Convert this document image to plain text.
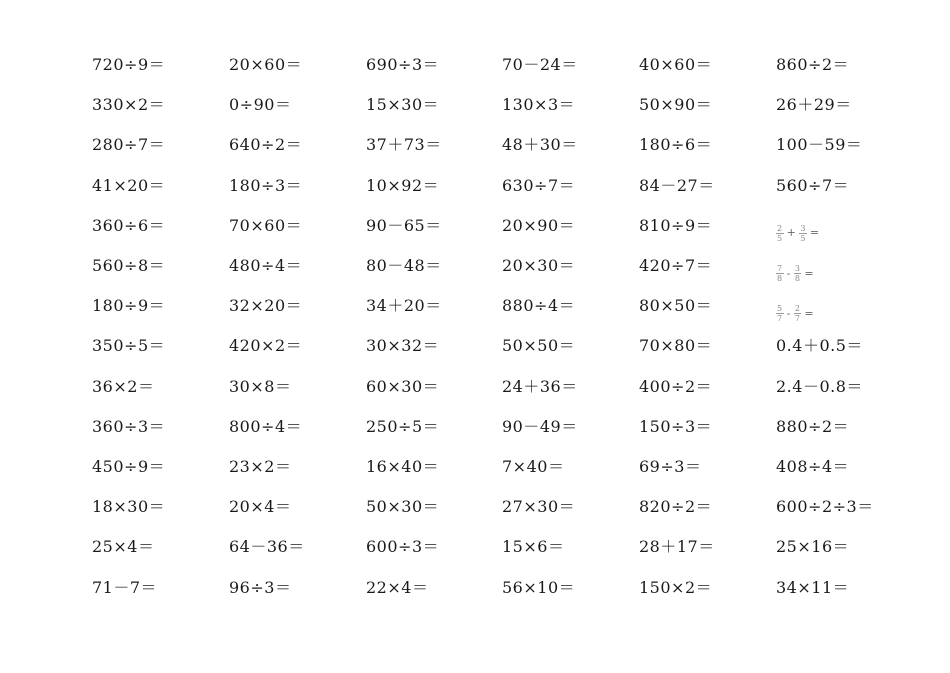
720÷9＝	20×60＝	690÷3＝	70－24＝	40×60＝	860÷2＝
330×2＝	0÷90＝	15×30＝	130×3＝	50×90＝	26＋29＝
280÷7＝	640÷2＝	37＋73＝	48＋30＝	180÷6＝	100－59＝
41×20＝	180÷3＝	10×92＝	630÷7＝	84－27＝	560÷7＝
360÷6＝	70×60＝	90－65＝	20×90＝	810÷9＝	$\frac{2}{5} + \frac{3}{5}$ =
560÷8＝	480÷4＝	80－48＝	20×30＝	420÷7＝	$\frac{7}{8} - \frac{3}{8}$ =
180÷9＝	32×20＝	34＋20＝	880÷4＝	80×50＝	$\frac{5}{7} - \frac{2}{7}$ =
350÷5＝	420×2＝	30×32＝	50×50＝	70×80＝	0.4＋0.5＝
36×2＝	30×8＝	60×30＝	24＋36＝	400÷2＝	2.4－0.8＝
360÷3＝	800÷4＝	250÷5＝	90－49＝	150÷3＝	880÷2＝
450÷9＝	23×2＝	16×40＝	7×40＝	69÷3＝	408÷4＝
18×30＝	20×4＝	50×30＝	27×30＝	820÷2＝	600÷2÷3＝
25×4＝	64－36＝	600÷3＝	15×6＝	28＋17＝	25×16＝
71－7＝	96÷3＝	22×4＝	56×10＝	150×2＝	34×11＝
